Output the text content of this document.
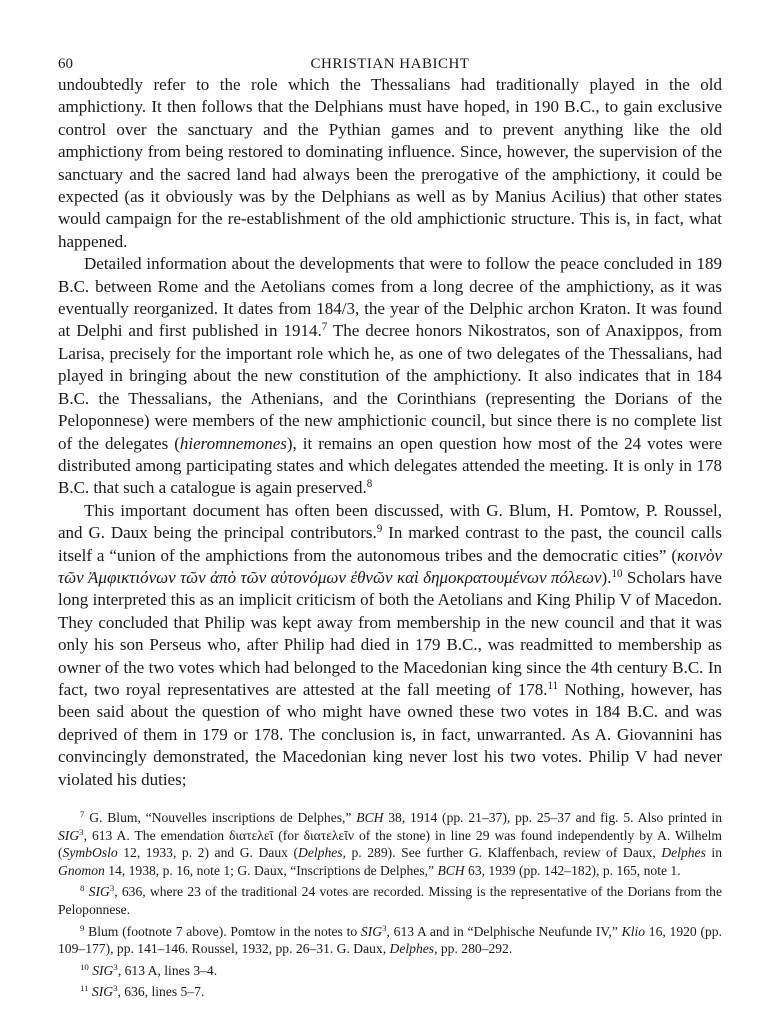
60	CHRISTIAN HABICHT

undoubtedly refer to the role which the Thessalians had traditionally played in the old amphictiony. It then follows that the Delphians must have hoped, in 190 B.C., to gain exclusive control over the sanctuary and the Pythian games and to prevent anything like the old amphictiony from being restored to dominating influence. Since, however, the supervision of the sanctuary and the sacred land had always been the prerogative of the amphictiony, it could be expected (as it obviously was by the Delphians as well as by Manius Acilius) that other states would campaign for the re-establishment of the old amphictionic structure. This is, in fact, what happened.

Detailed information about the developments that were to follow the peace concluded in 189 B.C. between Rome and the Aetolians comes from a long decree of the amphictiony, as it was eventually reorganized. It dates from 184/3, the year of the Delphic archon Kraton. It was found at Delphi and first published in 1914.$^7$ The decree honors Nikostratos, son of Anaxippos, from Larisa, precisely for the important role which he, as one of two delegates of the Thessalians, had played in bringing about the new constitution of the amphictiony. It also indicates that in 184 B.C. the Thessalians, the Athenians, and the Corinthians (representing the Dorians of the Peloponnese) were members of the new amphictionic council, but since there is no complete list of the delegates (hieromnemones), it remains an open question how most of the 24 votes were distributed among participating states and which delegates attended the meeting. It is only in 178 B.C. that such a catalogue is again preserved.$^8$

This important document has often been discussed, with G. Blum, H. Pomtow, P. Roussel, and G. Daux being the principal contributors.$^9$ In marked contrast to the past, the council calls itself a “union of the amphictions from the autonomous tribes and the democratic cities” (κοινὸν τῶν Ἀμφικτιόνων τῶν ἀπὸ τῶν αὐτονόμων ἐθνῶν καὶ δημοκρατουμένων πόλεων).$^{10}$ Scholars have long interpreted this as an implicit criticism of both the Aetolians and King Philip V of Macedon. They concluded that Philip was kept away from membership in the new council and that it was only his son Perseus who, after Philip had died in 179 B.C., was readmitted to membership as owner of the two votes which had belonged to the Macedonian king since the 4th century B.C. In fact, two royal representatives are attested at the fall meeting of 178.11 Nothing, however, has been said about the question of who might have owned these two votes in 184 B.C. and was deprived of them in 179 or 178. The conclusion is, in fact, unwarranted. As A. Giovannini has convincingly demonstrated, the Macedonian king never lost his two votes. Philip V had never violated his duties;

$^7$ G. Blum, “Nouvelles inscriptions de Delphes,” BCH 38, 1914 (pp. 21–37), pp. 25–37 and fig. 5. Also printed in SIG$^3$, 613 A. The emendation διατελεῖ (for διατελεῖν of the stone) in line 29 was found independently by A. Wilhelm (SymbOslo 12, 1933, p. 2) and G. Daux (Delphes, p. 289). See further G. Klaffenbach, review of Daux, Delphes in Gnomon 14, 1938, p. 16, note 1; G. Daux, “Inscriptions de Delphes,” BCH 63, 1939 (pp. 142–182), p. 165, note 1.

$^8$ SIG$^3$, 636, where 23 of the traditional 24 votes are recorded. Missing is the representative of the Dorians from the Peloponnese.

$^9$ Blum (footnote 7 above). Pomtow in the notes to SIG$^3$, 613 A and in “Delphische Neufunde IV,” Klio 16, 1920 (pp. 109–177), pp. 141–146. Roussel, 1932, pp. 26–31. G. Daux, Delphes, pp. 280–292.

$^{10}$ SIG$^3$, 613 A, lines 3–4.

$^{11}$ SIG$^3$, 636, lines 5–7.
